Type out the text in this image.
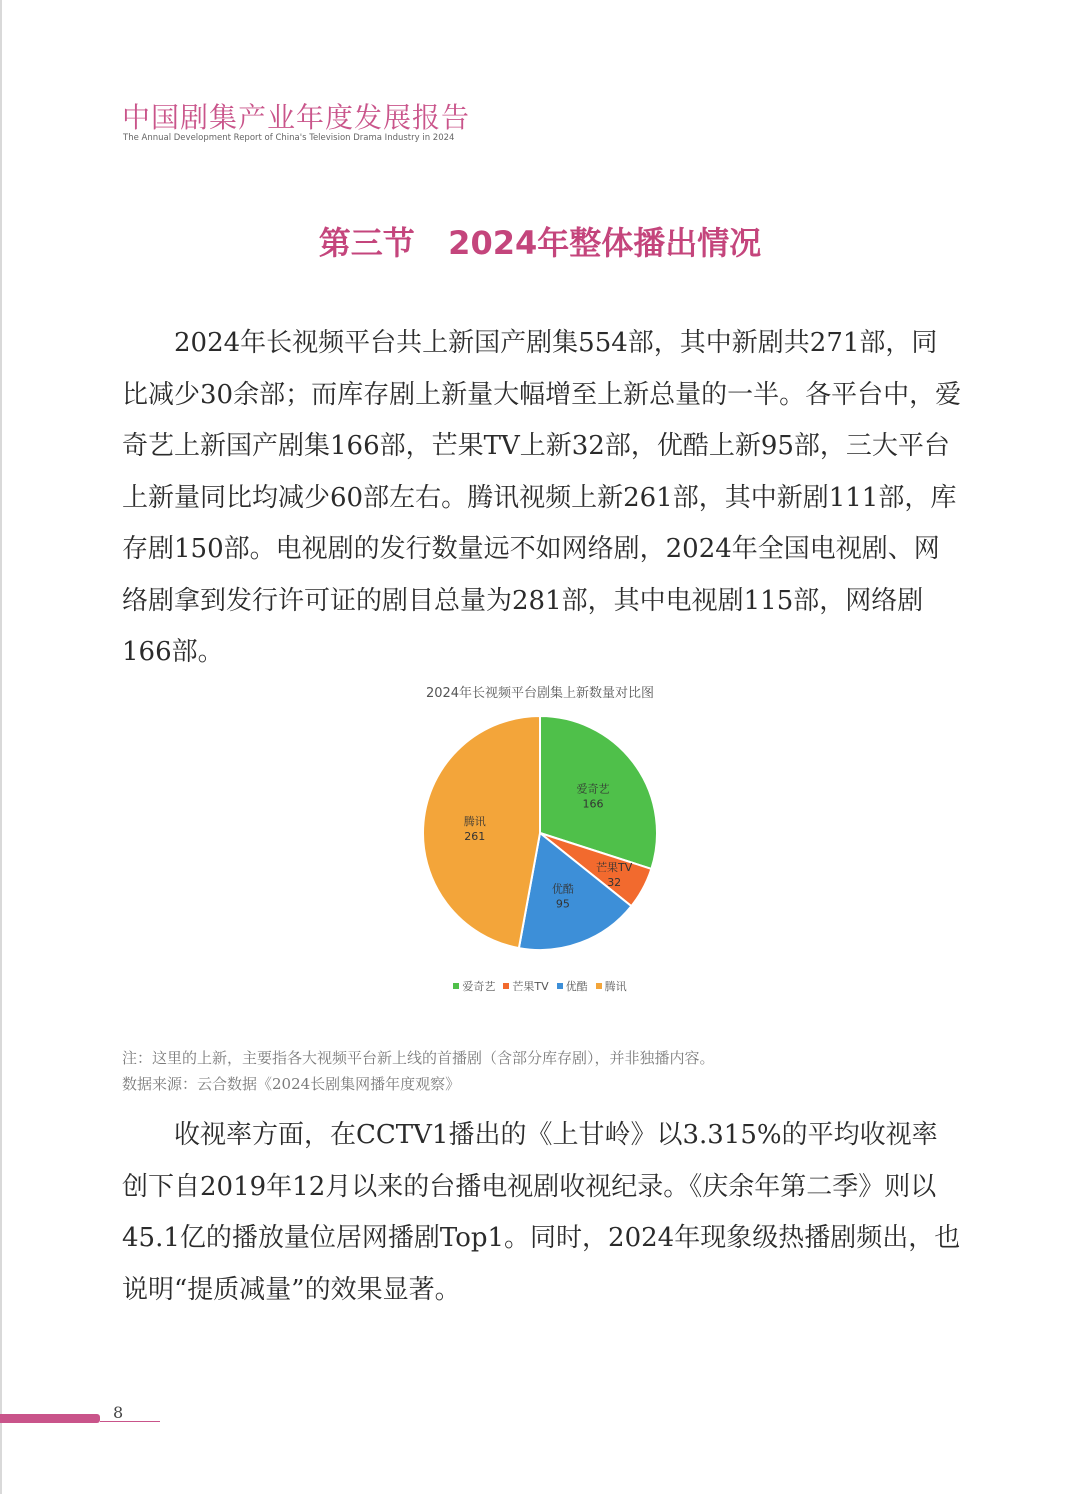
中国剧集产业年度发展报告
The Annual Development Report of China's Television Drama Industry in 2024
第三节   2024年整体播出情况

2024年长视频平台共上新国产剧集554部，其中新剧共271部，同比减少30余部；而库存剧上新量大幅增至上新总量的一半。各平台中，爱奇艺上新国产剧集166部，芒果TV上新32部，优酷上新95部，三大平台上新量同比均减少60部左右。腾讯视频上新261部，其中新剧111部，库存剧150部。电视剧的发行数量远不如网络剧，2024年全国电视剧、网络剧拿到发行许可证的剧目总量为281部，其中电视剧115部，网络剧166部。

爱奇艺
166
芒果TV
32
优酷
95
腾讯
261
2024年长视频平台剧集上新数量对比图
爱奇艺 芒果TV 优酷 腾讯
注：这里的上新，主要指各大视频平台新上线的首播剧（含部分库存剧），并非独播内容。
数据来源：云合数据《2024长剧集网播年度观察》

收视率方面，在CCTV1播出的《上甘岭》以3.315%的平均收视率创下自2019年12月以来的台播电视剧收视纪录。《庆余年第二季》则以45.1亿的播放量位居网播剧Top1。同时，2024年现象级热播剧频出，也说明“提质减量”的效果显著。

8
